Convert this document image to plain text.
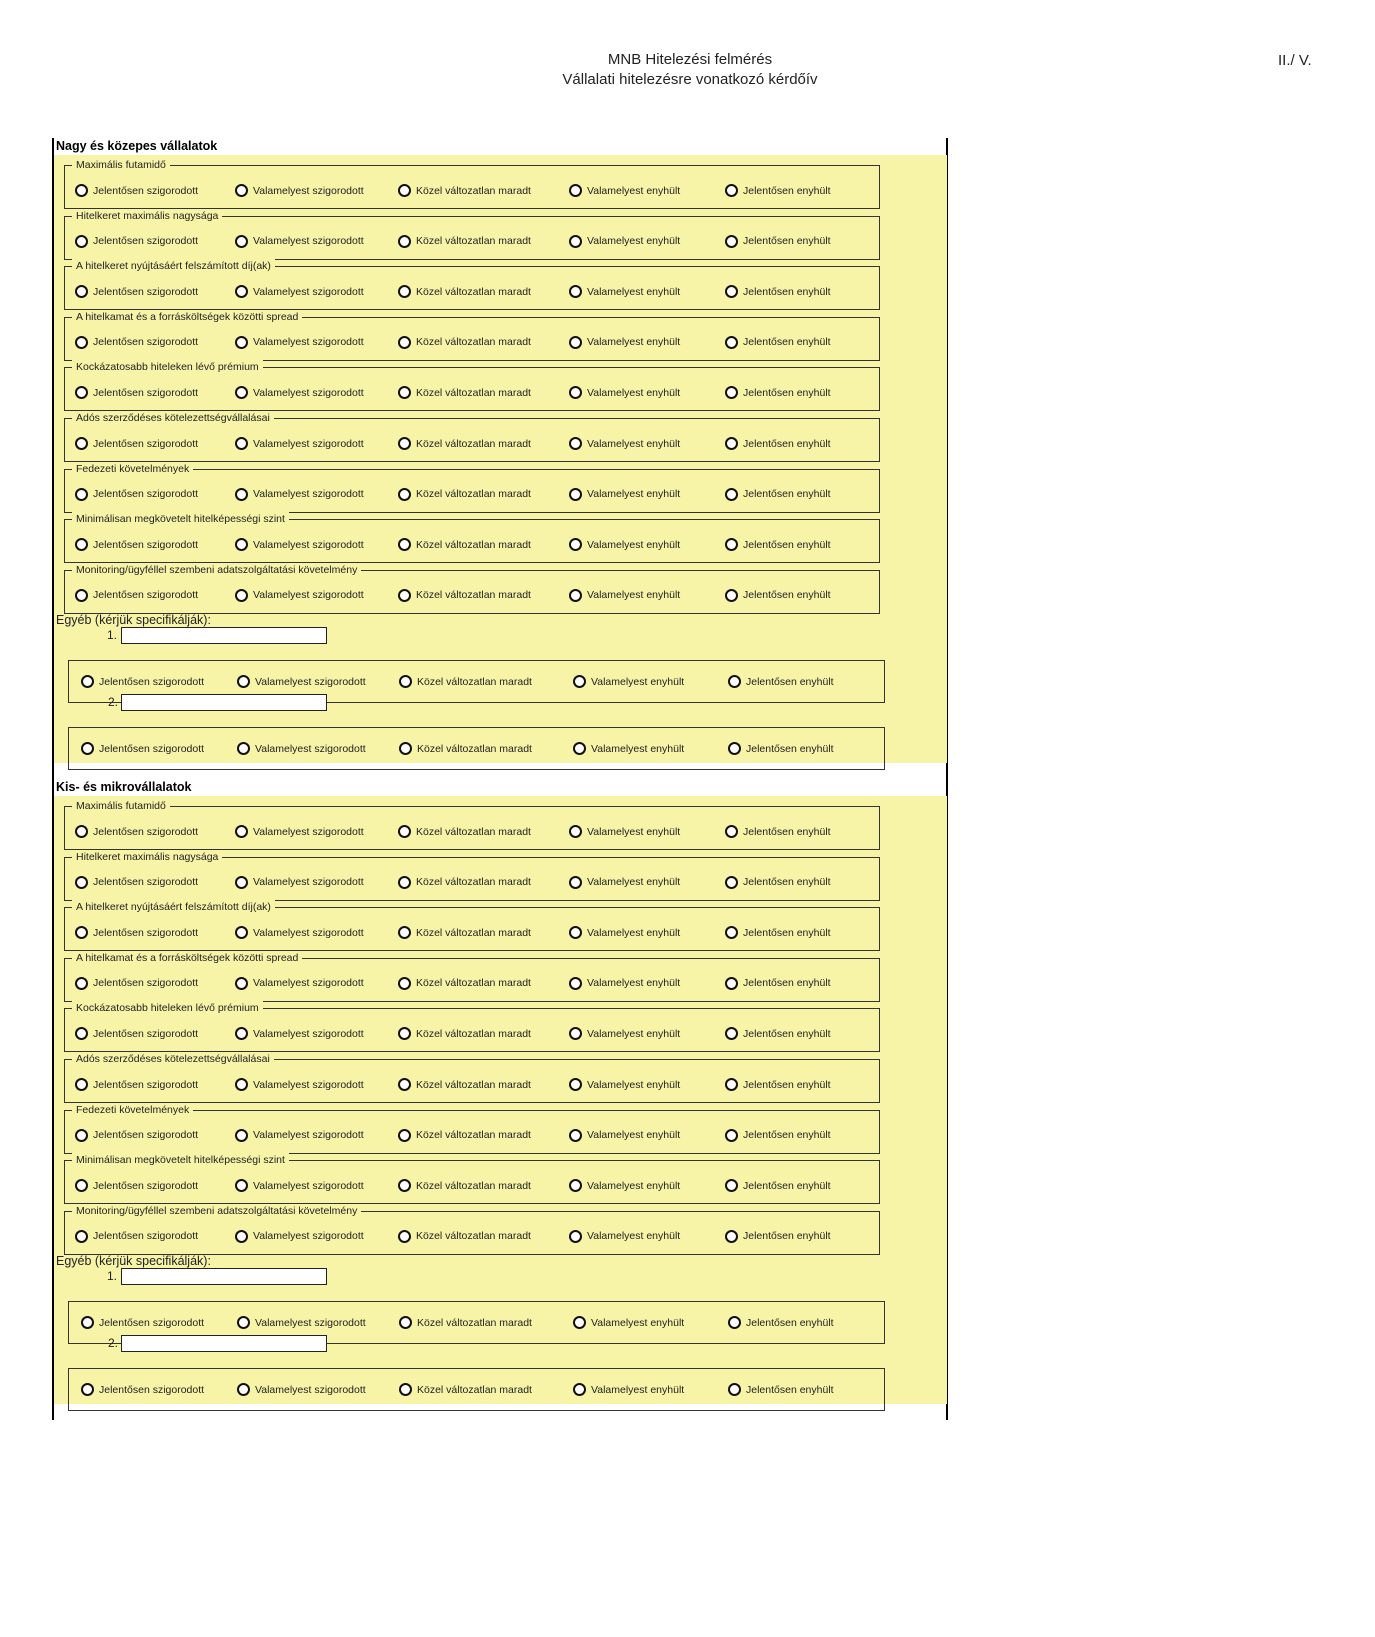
MNB Hitelezési felmérés
Vállalati hitelezésre vonatkozó kérdőív
II./ V.
Nagy és közepes vállalatok
Maximális futamidő
Jelentősen szigorodott	Valamelyest szigorodott	Közel változatlan maradt	Valamelyest enyhült	Jelentősen enyhült
Hitelkeret maximális nagysága
Jelentősen szigorodott	Valamelyest szigorodott	Közel változatlan maradt	Valamelyest enyhült	Jelentősen enyhült
A hitelkeret nyújtásáért felszámított díj(ak)
Jelentősen szigorodott	Valamelyest szigorodott	Közel változatlan maradt	Valamelyest enyhült	Jelentősen enyhült
A hitelkamat és a forrásköltségek közötti spread
Jelentősen szigorodott	Valamelyest szigorodott	Közel változatlan maradt	Valamelyest enyhült	Jelentősen enyhült
Kockázatosabb hiteleken lévő prémium
Jelentősen szigorodott	Valamelyest szigorodott	Közel változatlan maradt	Valamelyest enyhült	Jelentősen enyhült
Adós szerződéses kötelezettségvállalásai
Jelentősen szigorodott	Valamelyest szigorodott	Közel változatlan maradt	Valamelyest enyhült	Jelentősen enyhült
Fedezeti követelmények
Jelentősen szigorodott	Valamelyest szigorodott	Közel változatlan maradt	Valamelyest enyhült	Jelentősen enyhült
Minimálisan megkövetelt hitelképességi szint
Jelentősen szigorodott	Valamelyest szigorodott	Közel változatlan maradt	Valamelyest enyhült	Jelentősen enyhült
Monitoring/ügyféllel szembeni adatszolgáltatási követelmény
Jelentősen szigorodott	Valamelyest szigorodott	Közel változatlan maradt	Valamelyest enyhült	Jelentősen enyhült
Egyéb (kérjük specifikálják):
1.
Jelentősen szigorodott	Valamelyest szigorodott	Közel változatlan maradt	Valamelyest enyhült	Jelentősen enyhült
2.
Jelentősen szigorodott	Valamelyest szigorodott	Közel változatlan maradt	Valamelyest enyhült	Jelentősen enyhült
Kis- és mikrovállalatok
Maximális futamidő
Jelentősen szigorodott	Valamelyest szigorodott	Közel változatlan maradt	Valamelyest enyhült	Jelentősen enyhült
Hitelkeret maximális nagysága
Jelentősen szigorodott	Valamelyest szigorodott	Közel változatlan maradt	Valamelyest enyhült	Jelentősen enyhült
A hitelkeret nyújtásáért felszámított díj(ak)
Jelentősen szigorodott	Valamelyest szigorodott	Közel változatlan maradt	Valamelyest enyhült	Jelentősen enyhült
A hitelkamat és a forrásköltségek közötti spread
Jelentősen szigorodott	Valamelyest szigorodott	Közel változatlan maradt	Valamelyest enyhült	Jelentősen enyhült
Kockázatosabb hiteleken lévő prémium
Jelentősen szigorodott	Valamelyest szigorodott	Közel változatlan maradt	Valamelyest enyhült	Jelentősen enyhült
Adós szerződéses kötelezettségvállalásai
Jelentősen szigorodott	Valamelyest szigorodott	Közel változatlan maradt	Valamelyest enyhült	Jelentősen enyhült
Fedezeti követelmények
Jelentősen szigorodott	Valamelyest szigorodott	Közel változatlan maradt	Valamelyest enyhült	Jelentősen enyhült
Minimálisan megkövetelt hitelképességi szint
Jelentősen szigorodott	Valamelyest szigorodott	Közel változatlan maradt	Valamelyest enyhült	Jelentősen enyhült
Monitoring/ügyféllel szembeni adatszolgáltatási követelmény
Jelentősen szigorodott	Valamelyest szigorodott	Közel változatlan maradt	Valamelyest enyhült	Jelentősen enyhült
Egyéb (kérjük specifikálják):
1.
Jelentősen szigorodott	Valamelyest szigorodott	Közel változatlan maradt	Valamelyest enyhült	Jelentősen enyhült
2.
Jelentősen szigorodott	Valamelyest szigorodott	Közel változatlan maradt	Valamelyest enyhült	Jelentősen enyhült
